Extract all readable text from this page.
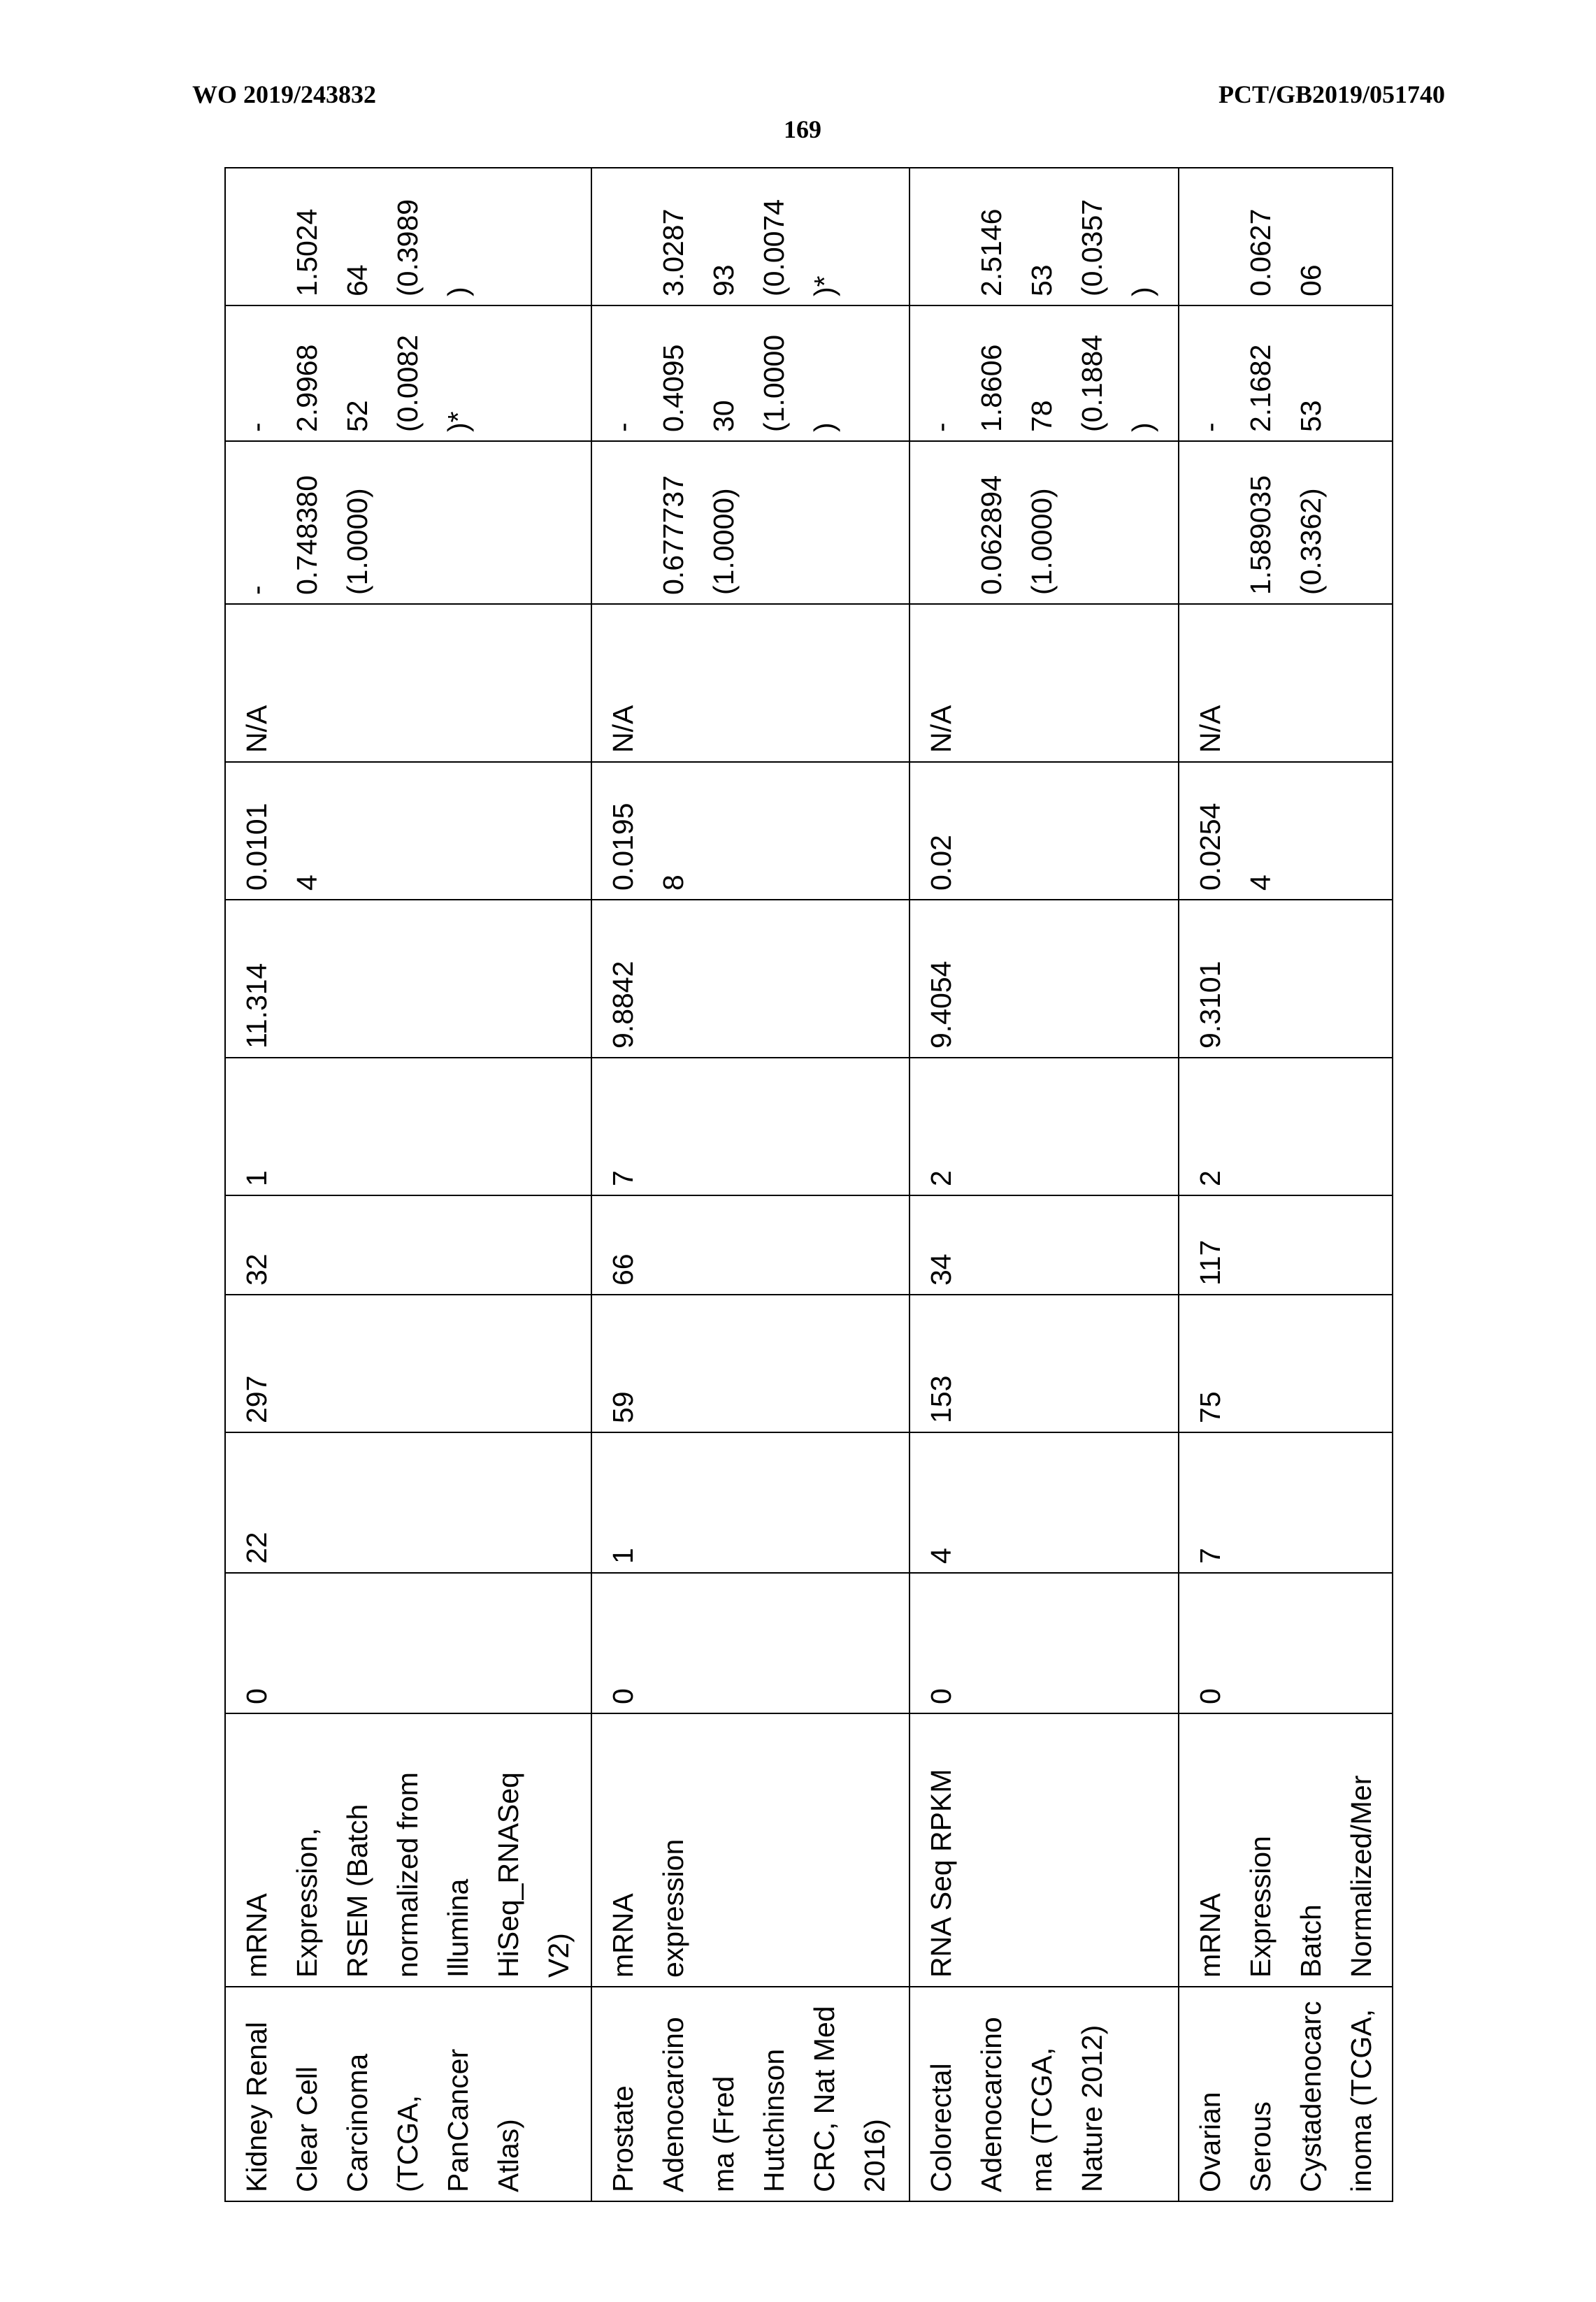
WO 2019/243832	PCT/GB2019/051740
169
Kidney Renal
Clear Cell
Carcinoma
(TCGA,
PanCancer
Atlas)	mRNA
Expression,
RSEM (Batch
normalized from
Illumina
HiSeq_RNASeq
V2)	0	22	297	32	1	11.314	0.0101
4	N/A	-
0.748380
(1.0000)	-
2.9968
52
(0.0082
)*	
1.5024
64
(0.3989
)
Prostate
Adenocarcino
ma (Fred
Hutchinson
CRC, Nat Med
2016)	mRNA
expression	0	1	59	66	7	9.8842	0.0195
8	N/A	
0.677737
(1.0000)	-
0.4095
30
(1.0000
)	
3.0287
93
(0.0074
)*
Colorectal
Adenocarcino
ma (TCGA,
Nature 2012)	RNA Seq RPKM	0	4	153	34	2	9.4054	0.02	N/A	
0.062894
(1.0000)	-
1.8606
78
(0.1884
)	
2.5146
53
(0.0357
)
Ovarian
Serous
Cystadenocarc
inoma (TCGA,	mRNA
Expression
Batch
Normalized/Mer	0	7	75	117	2	9.3101	0.0254
4	N/A	
1.589035
(0.3362)	-
2.1682
53	
0.0627
06
